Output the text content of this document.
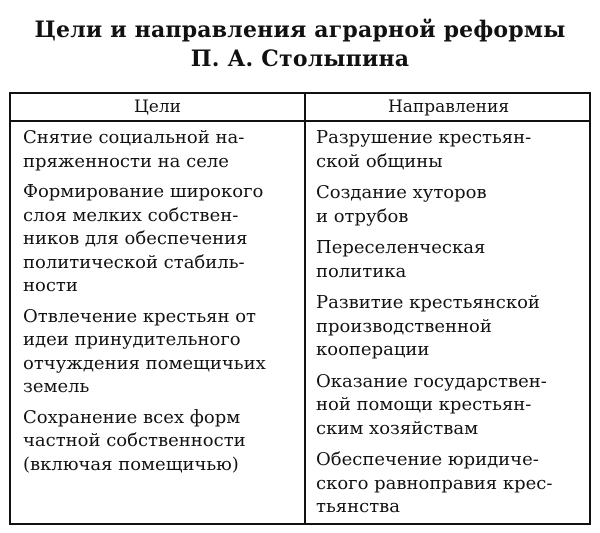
Цели и направления аграрной реформы
П. А. Столыпина
Цели	Направления
Снятие социальной на-
пряженности на селе
Формирование широкого
слоя мелких собствен-
ников для обеспечения
политической стабиль-
ности
Отвлечение крестьян от
идеи принудительного
отчуждения помещичьих
земель
Сохранение всех форм
частной собственности
(включая помещичью)
Разрушение крестьян-
ской общины
Создание хуторов
и отрубов
Переселенческая
политика
Развитие крестьянской
производственной
кооперации
Оказание государствен-
ной помощи крестьян-
ским хозяйствам
Обеспечение юридиче-
ского равноправия крес-
тьянства
